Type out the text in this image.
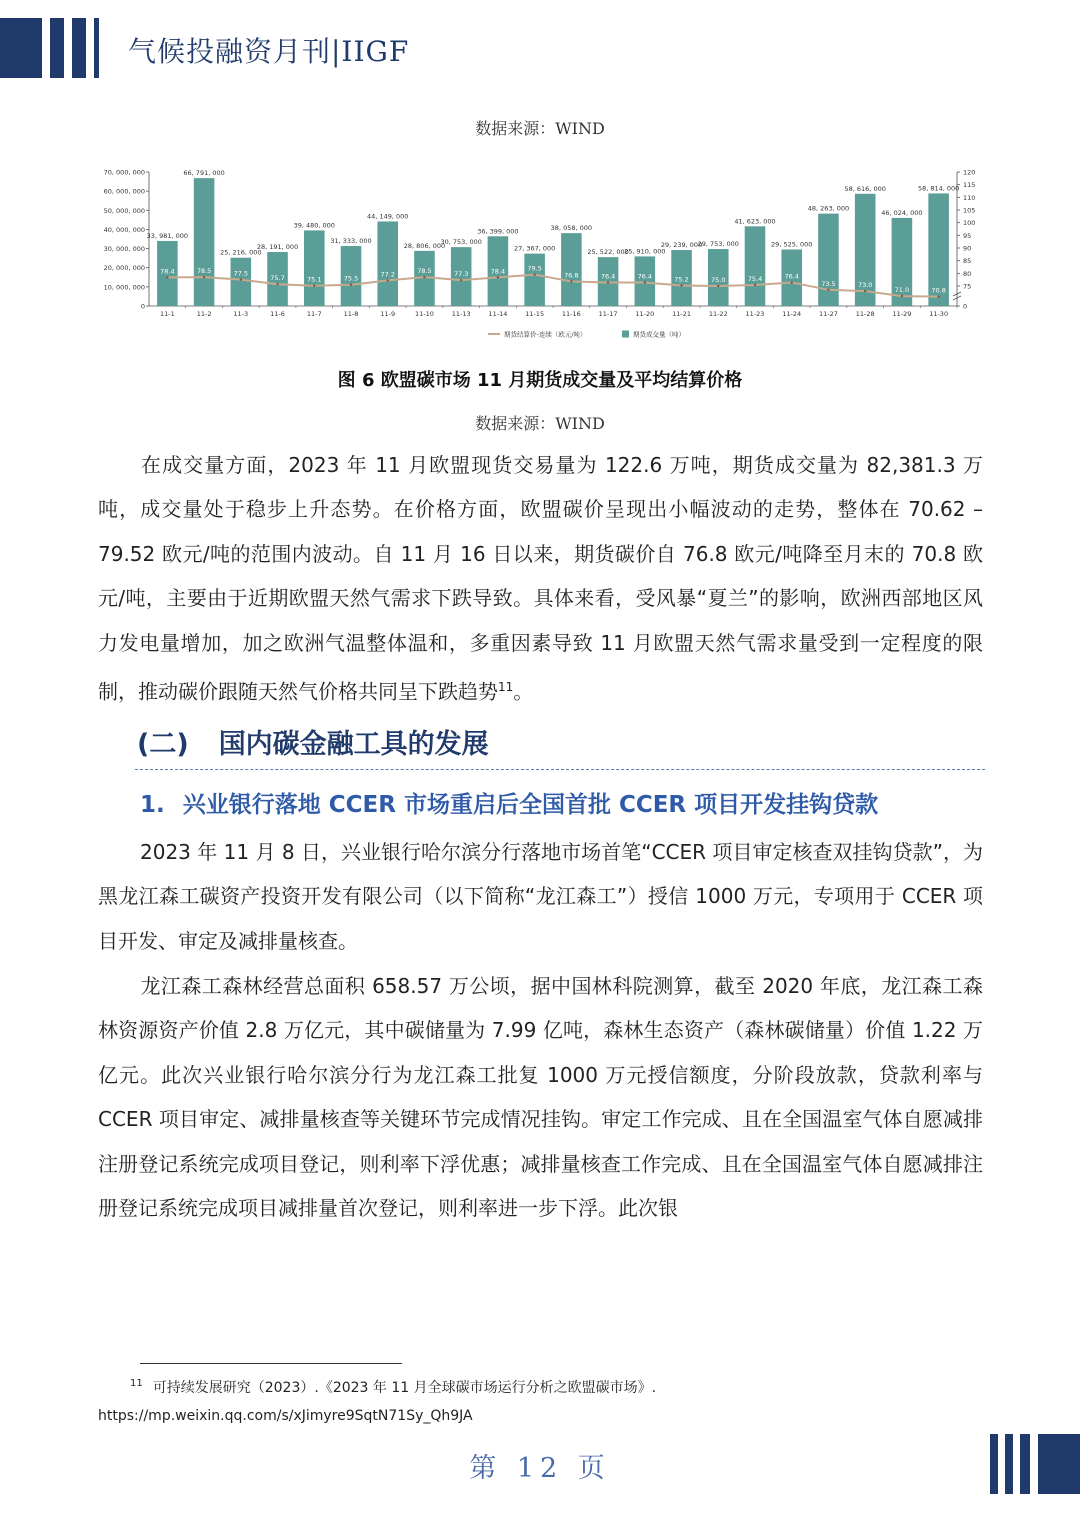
气候投融资月刊|IIGF
数据来源：WIND
0
10, 000, 000
20, 000, 000
30, 000, 000
40, 000, 000
50, 000, 000
60, 000, 000
70, 000, 000
0
75
80
85
90
95
100
105
110
115
120
33, 981, 000
11-1
66, 791, 000
11-2
25, 216, 000
11-3
28, 191, 000
11-6
39, 480, 000
11-7
31, 333, 000
11-8
44, 149, 000
11-9
28, 806, 000
11-10
30, 753, 000
11-13
36, 399, 000
11-14
27, 367, 000
11-15
38, 058, 000
11-16
25, 522, 000
11-17
25, 910, 000
11-20
29, 239, 000
11-21
29, 753, 000
11-22
41, 623, 000
11-23
29, 525, 000
11-24
48, 263, 000
11-27
58, 616, 000
11-28
46, 024, 000
11-29
58, 814, 000
11-30
78.4	78.5	77.5
75.7	75.1	75.5
77.2	78.5	77.3	78.4	79.5
76.8	76.4	76.4	75.2	75.0	75.4	76.4
73.5	73.0
71.0	70.8
期货结算价-连续（欧元/吨）	期货成交量（吨）
图 6 欧盟碳市场 11 月期货成交量及平均结算价格
数据来源：WIND

在成交量方面，2023 年 11 月欧盟现货交易量为 122.6 万吨，期货成交量为 82,381.3 万吨，成交量处于稳步上升态势。在价格方面，欧盟碳价呈现出小幅波动的走势，整体在 70.62 – 79.52 欧元/吨的范围内波动。自 11 月 16 日以来，期货碳价自 76.8 欧元/吨降至月末的 70.8 欧元/吨，主要由于近期欧盟天然气需求下跌导致。具体来看，受风暴“夏兰”的影响，欧洲西部地区风力发电量增加，加之欧洲气温整体温和，多重因素导致 11 月欧盟天然气需求量受到一定程度的限制，推动碳价跟随天然气价格共同呈下跌趋势$^{11}$。

(二) 国内碳金融工具的发展
1. 兴业银行落地 CCER 市场重启后全国首批 CCER 项目开发挂钩贷款

2023 年 11 月 8 日，兴业银行哈尔滨分行落地市场首笔“CCER 项目审定核查双挂钩贷款”，为黑龙江森工碳资产投资开发有限公司（以下简称“龙江森工”）授信 1000 万元，专项用于 CCER 项目开发、审定及减排量核查。

龙江森工森林经营总面积 658.57 万公顷，据中国林科院测算，截至 2020 年底，龙江森工森林资源资产价值 2.8 万亿元，其中碳储量为 7.99 亿吨，森林生态资产（森林碳储量）价值 1.22 万亿元。此次兴业银行哈尔滨分行为龙江森工批复 1000 万元授信额度，分阶段放款，贷款利率与 CCER 项目审定、减排量核查等关键环节完成情况挂钩。审定工作完成、且在全国温室气体自愿减排注册登记系统完成项目登记，则利率下浮优惠；减排量核查工作完成、且在全国温室气体自愿减排注册登记系统完成项目减排量首次登记，则利率进一步下浮。此次银

$^{11}$ 可持续发展研究（2023）.《2023 年 11 月全球碳市场运行分析之欧盟碳市场》.
https://mp.weixin.qq.com/s/xJimyre9SqtN71Sy_Qh9JA
第 12 页
